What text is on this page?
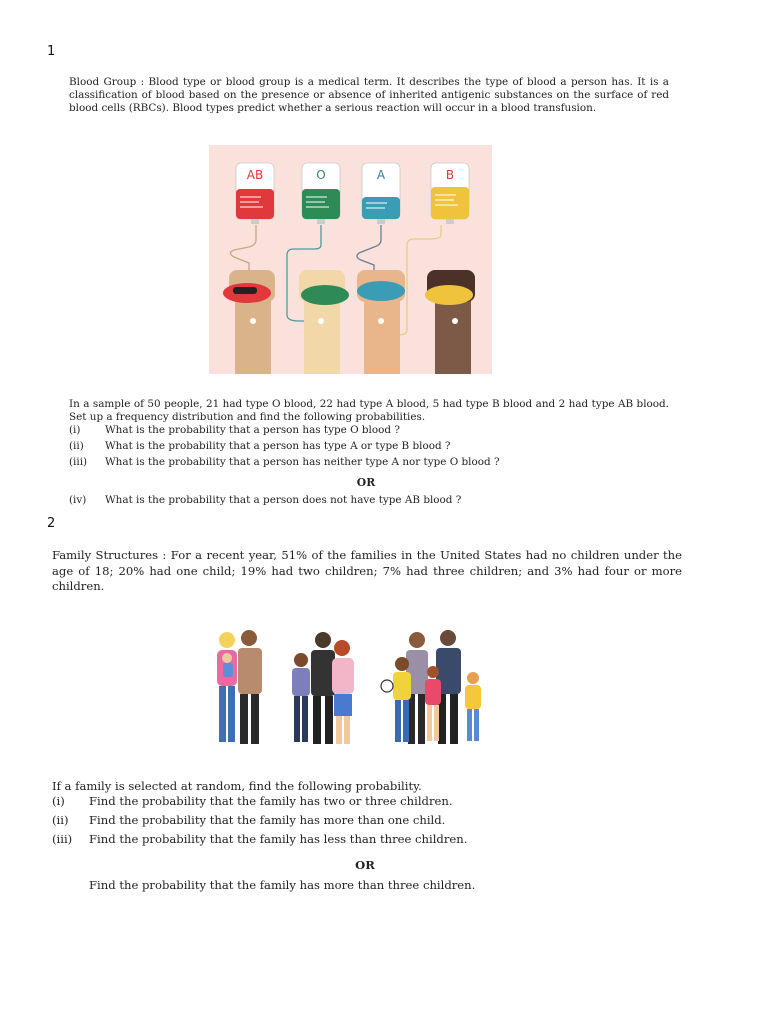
1
Blood Group : Blood type or blood group is a medical term. It describes the type of blood a person has. It is a classification of blood based on the presence or absence of inherited antigenic substances on the surface of red blood cells (RBCs). Blood types predict whether a serious reaction will occur in a blood transfusion.
AB	O	A	B
In a sample of 50 people, 21 had type O blood, 22 had type A blood, 5 had type B blood and 2 had type AB blood. Set up a frequency distribution and find the following probabilities.
(i) What is the probability that a person has type O blood ?
(ii) What is the probability that a person has type A or type B blood ?
(iii) What is the probability that a person has neither type A nor type O blood ?
OR
(iv) What is the probability that a person does not have type AB blood ?
2
Family Structures : For a recent year, 51% of the families in the United States had no children under the age of 18; 20% had one child; 19% had two children; 7% had three children; and 3% had four or more children.
If a family is selected at random, find the following probability.
(i) Find the probability that the family has two or three children.
(ii) Find the probability that the family has more than one child.
(iii) Find the probability that the family has less than three children.
OR
Find the probability that the family has more than three children.
